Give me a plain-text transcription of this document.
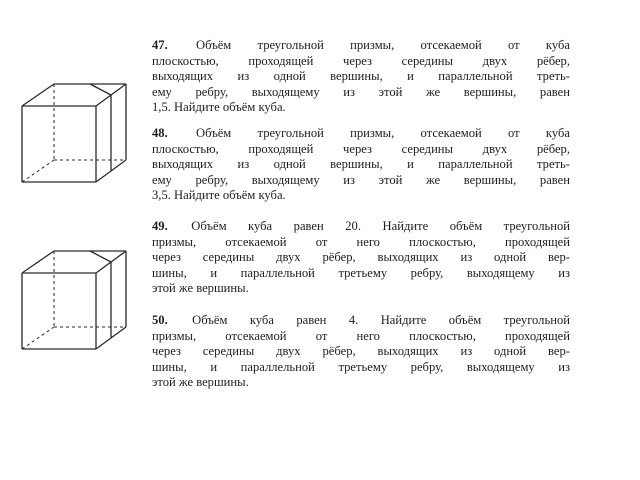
47. Объём треугольной призмы, отсекаемой от куба
плоскостью, проходящей через середины двух рёбер,
выходящих из одной вершины, и параллельной треть-
ему ребру, выходящему из этой же вершины, равен
1,5. Найдите объём куба.
48. Объём треугольной призмы, отсекаемой от куба
плоскостью, проходящей через середины двух рёбер,
выходящих из одной вершины, и параллельной треть-
ему ребру, выходящему из этой же вершины, равен
3,5. Найдите объём куба.
49. Объём куба равен 20. Найдите объём треугольной
призмы, отсекаемой от него плоскостью, проходящей
через середины двух рёбер, выходящих из одной вер-
шины, и параллельной третьему ребру, выходящему из
этой же вершины.
50. Объём куба равен 4. Найдите объём треугольной
призмы, отсекаемой от него плоскостью, проходящей
через середины двух рёбер, выходящих из одной вер-
шины, и параллельной третьему ребру, выходящему из
этой же вершины.
